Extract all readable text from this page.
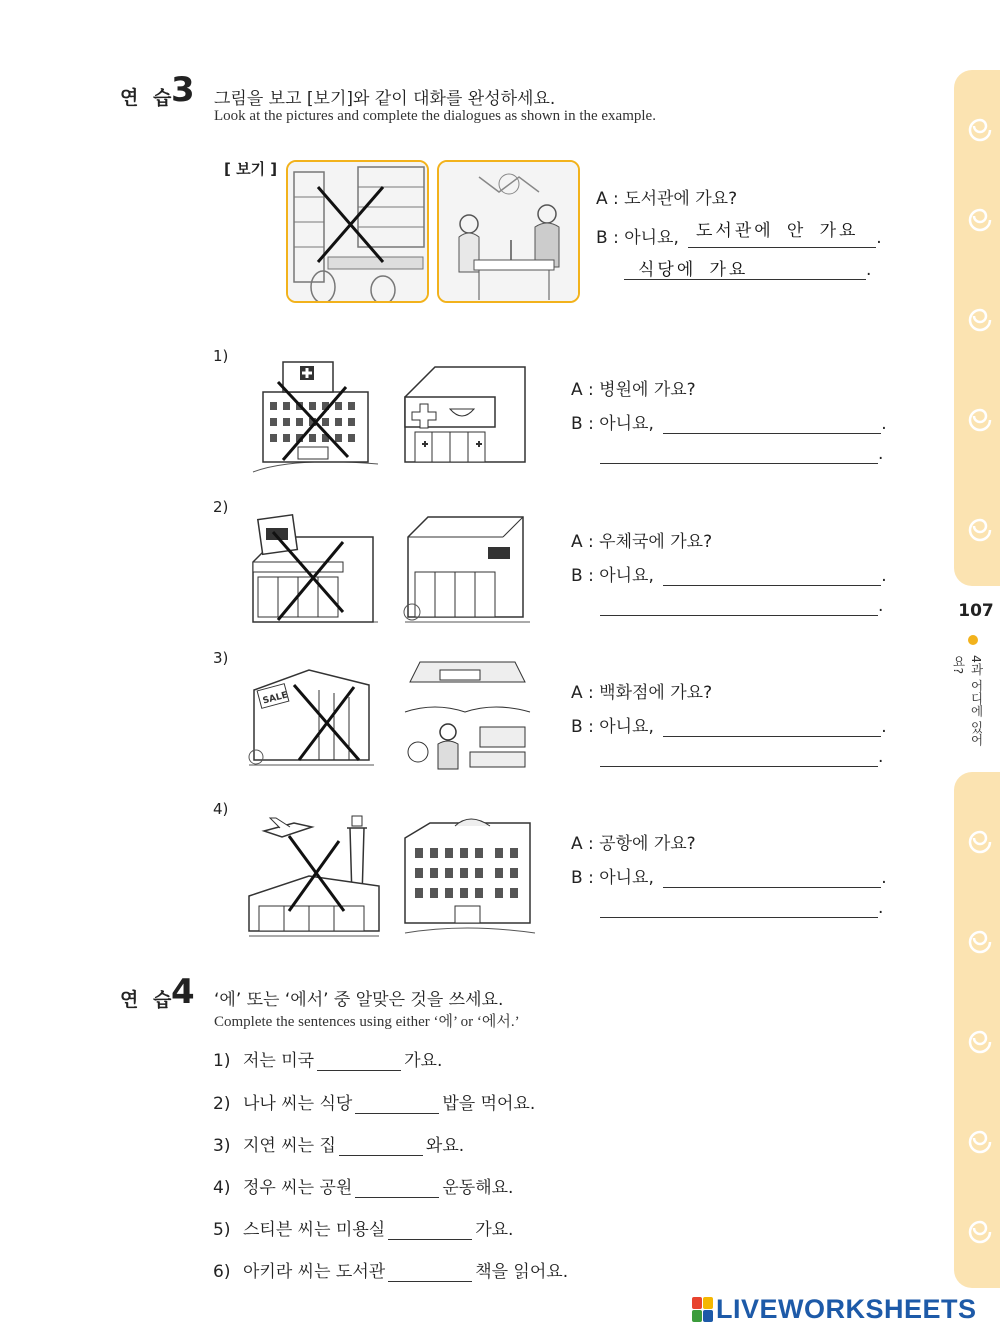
107
4과 어디에 있어요?
연 습
3 그림을 보고 [보기]와 같이 대화를 완성하세요.
Look at the pictures and complete the dialogues as shown in the example.
[ 보기 ]
A : 도서관에 가요?
B : 아니요,	.
도서관에 안 가요
.
식당에 가요
1)
A : 병원에 가요?
B : 아니요,	.
.
2)
A : 우체국에 가요?
B : 아니요,	.
.
3)
SALE	A : 백화점에 가요?
B : 아니요,	.
.
4)
A : 공항에 가요?
B : 아니요,	.
.
연 습
4 ‘에’ 또는 ‘에서’ 중 알맞은 것을 쓰세요.
Complete the sentences using either ‘에’ or ‘에서.’
1) 저는 미국	가요.
2) 나나 씨는 식당	밥을 먹어요.
3) 지연 씨는 집	와요.
4) 정우 씨는 공원	운동해요.
5) 스티븐 씨는 미용실	가요.
6) 아키라 씨는 도서관	책을 읽어요.
LIVEWORKSHEETS
